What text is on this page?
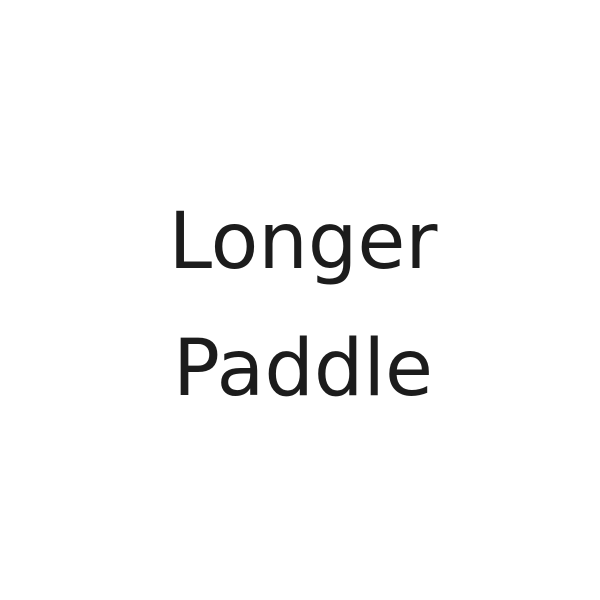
Longer
Paddle
